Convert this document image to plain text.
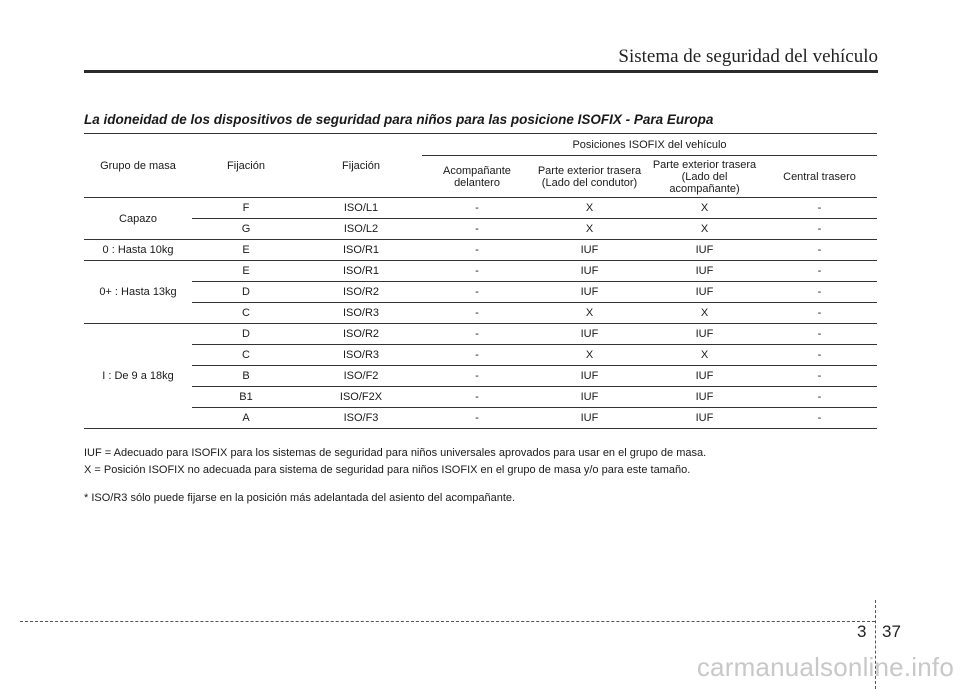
Sistema de seguridad del vehículo
La idoneidad de los dispositivos de seguridad para niños para las posicione ISOFIX - Para Europa
Grupo de masa	Fijación	Fijación	Posiciones ISOFIX del vehículo			
			Acompañante delantero	Parte exterior trasera (Lado del condutor)	Parte exterior trasera (Lado del acompañante)	Central trasero
Capazo	F	ISO/L1	-	X	X	-
	G	ISO/L2	-	X	X	-
0 : Hasta 10kg	E	ISO/R1	-	IUF	IUF	-
0+ : Hasta 13kg	E	ISO/R1	-	IUF	IUF	-
	D	ISO/R2	-	IUF	IUF	-
	C	ISO/R3	-	X	X	-
I : De 9 a 18kg	D	ISO/R2	-	IUF	IUF	-
	C	ISO/R3	-	X	X	-
	B	ISO/F2	-	IUF	IUF	-
	B1	ISO/F2X	-	IUF	IUF	-
	A	ISO/F3	-	IUF	IUF	-

IUF = Adecuado para ISOFIX para los sistemas de seguridad para niños universales aprovados para usar en el grupo de masa.

X = Posición ISOFIX no adecuada para sistema de seguridad para niños ISOFIX en el grupo de masa y/o para este tamaño.

* ISO/R3 sólo puede fijarse en la posición más adelantada del asiento del acompañante.

3 37
carmanualsonline.info
